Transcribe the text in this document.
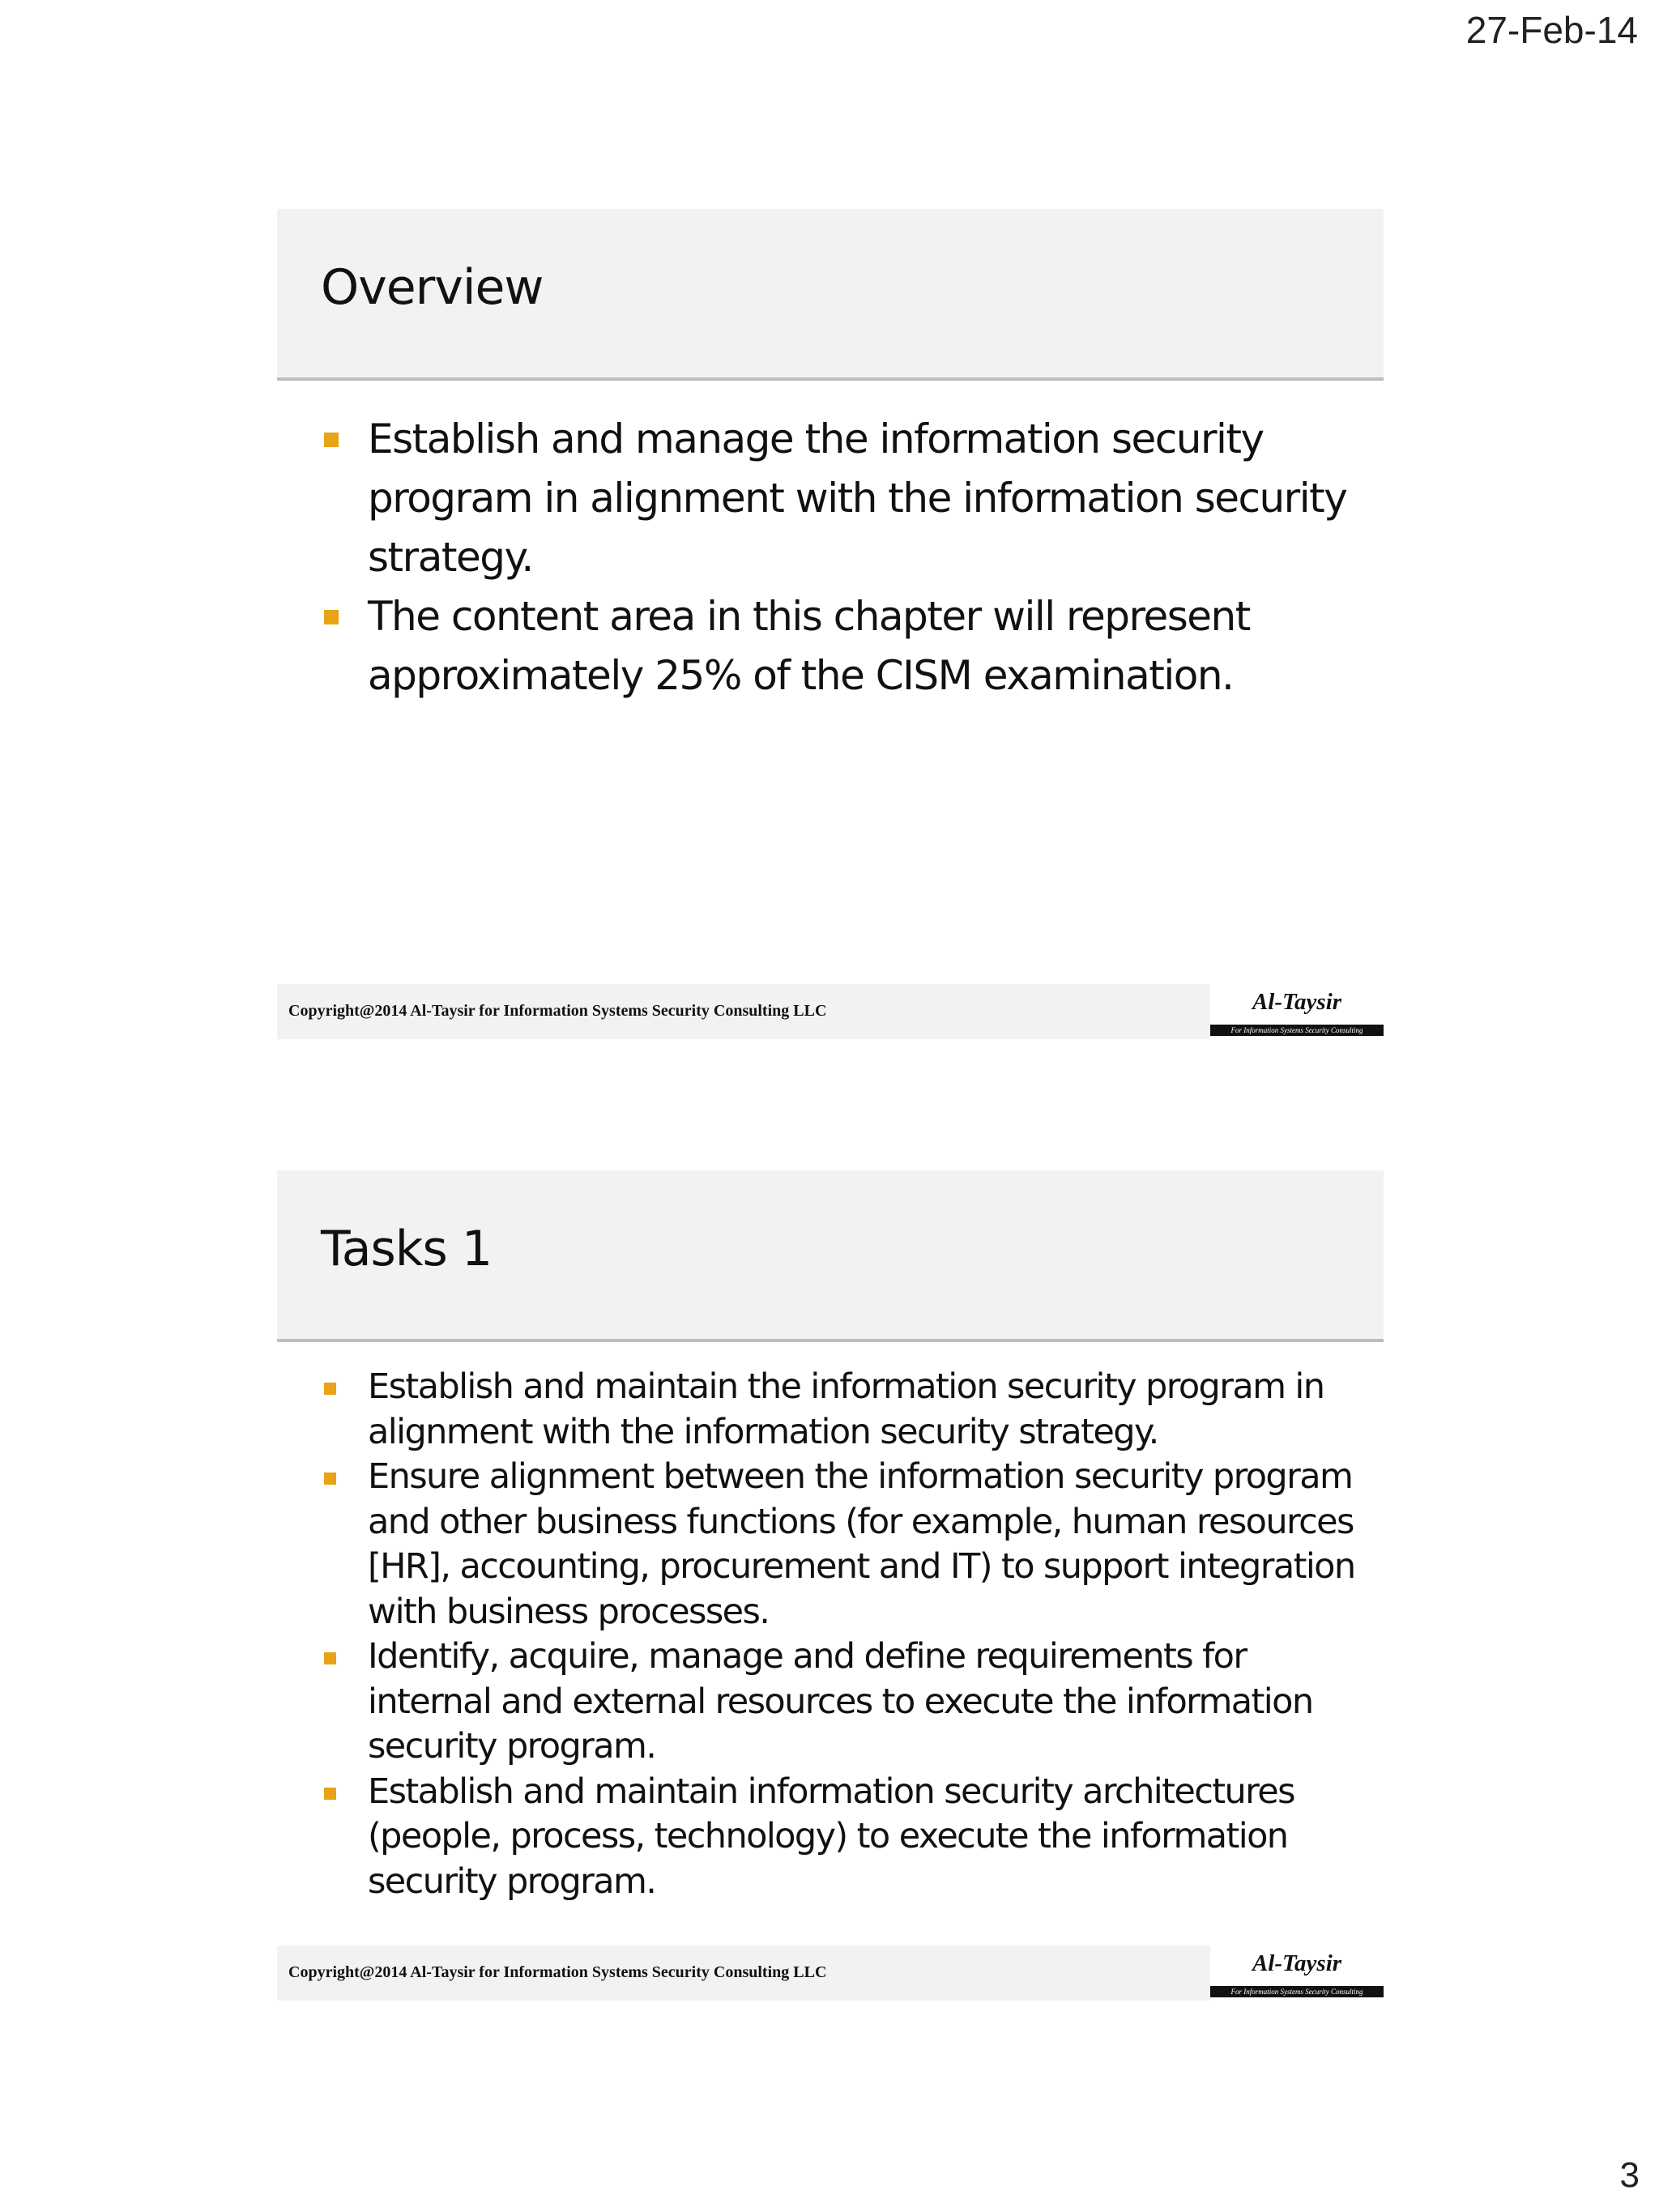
27-Feb-14
Overview
Establish and manage the information security program in alignment with the information security strategy.
The content area in this chapter will represent approximately 25% of the CISM examination.
Copyright@2014 Al-Taysir for Information Systems Security Consulting LLC	Al-Taysir
For Information Systems Security Consulting
Tasks 1
Establish and maintain the information security program in alignment with the information security strategy.
Ensure alignment between the information security program and other business functions (for example, human resources [HR], accounting, procurement and IT) to support integration with business processes.
Identify, acquire, manage and define requirements for internal and external resources to execute the information security program.
Establish and maintain information security architectures (people, process, technology) to execute the information security program.
Copyright@2014 Al-Taysir for Information Systems Security Consulting LLC	Al-Taysir
For Information Systems Security Consulting
3
